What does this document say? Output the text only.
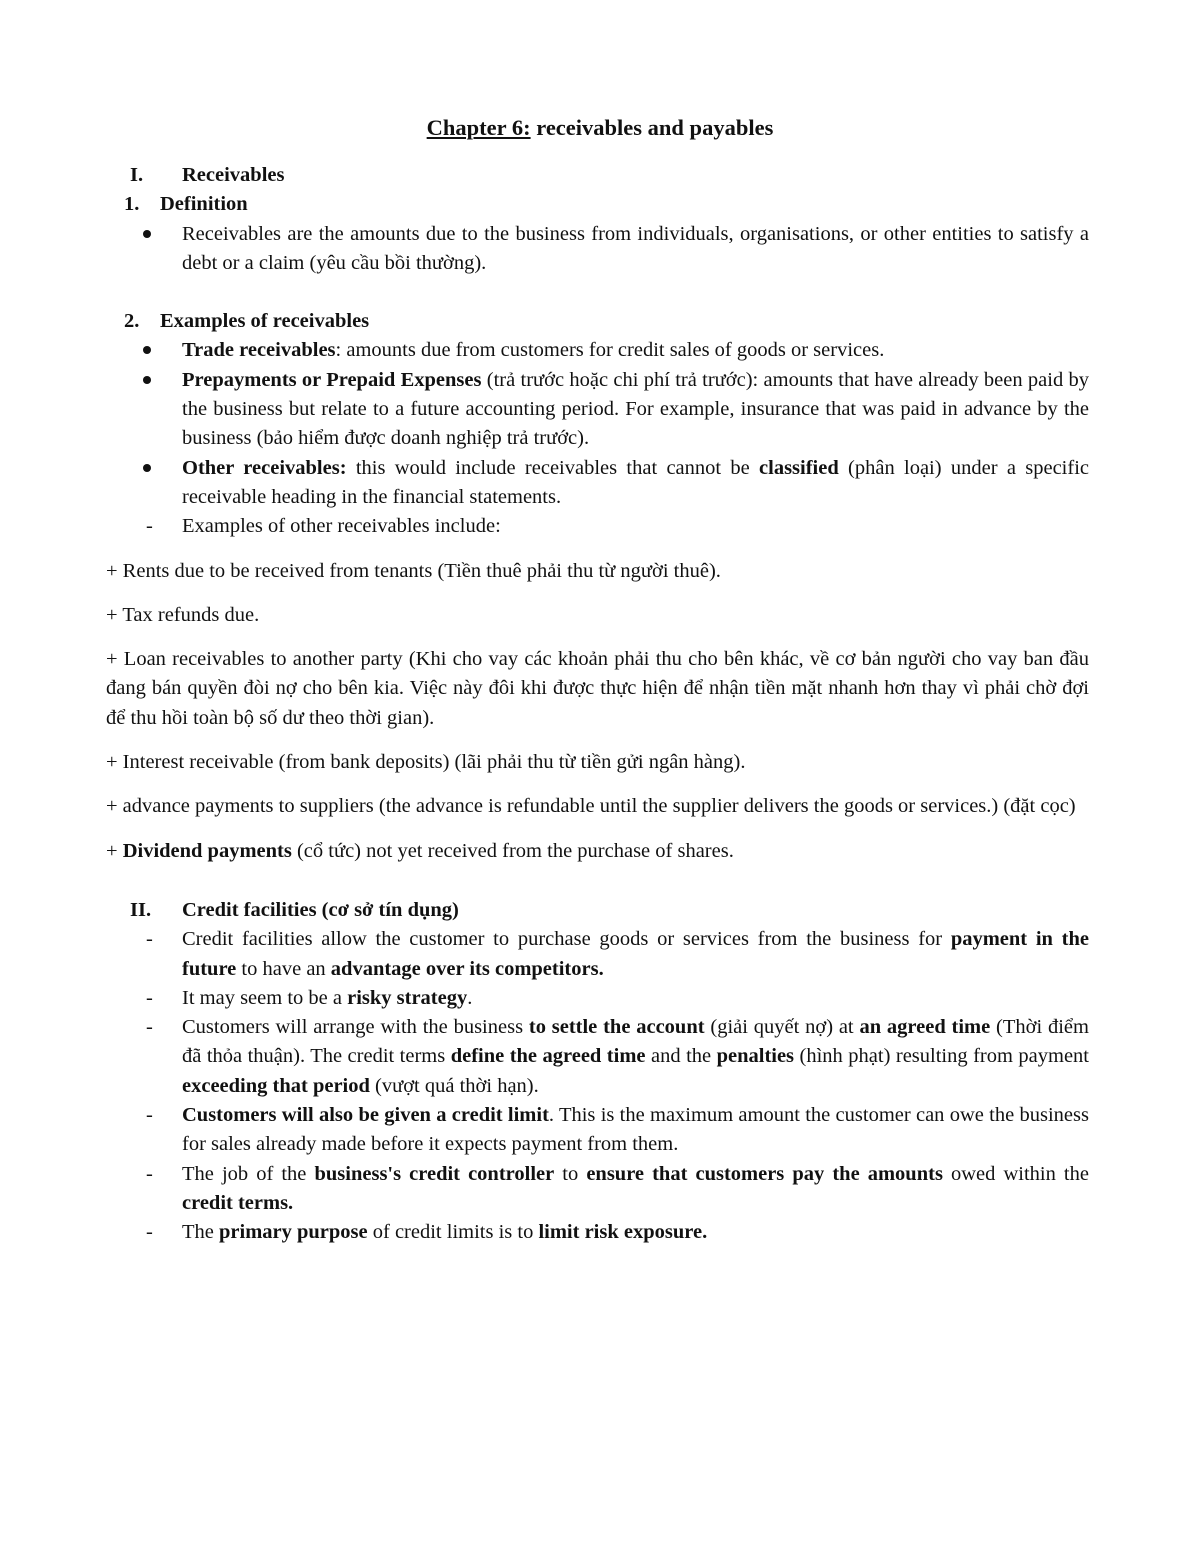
Chapter 6: receivables and payables
I. Receivables
1. Definition
Receivables are the amounts due to the business from individuals, organisations, or other entities to satisfy a debt or a claim (yêu cầu bồi thường).
2. Examples of receivables
Trade receivables: amounts due from customers for credit sales of goods or services.
Prepayments or Prepaid Expenses (trả trước hoặc chi phí trả trước): amounts that have already been paid by the business but relate to a future accounting period. For example, insurance that was paid in advance by the business (bảo hiểm được doanh nghiệp trả trước).
Other receivables: this would include receivables that cannot be classified (phân loại) under a specific receivable heading in the financial statements.
- Examples of other receivables include:
+ Rents due to be received from tenants (Tiền thuê phải thu từ người thuê).
+ Tax refunds due.
+ Loan receivables to another party (Khi cho vay các khoản phải thu cho bên khác, về cơ bản người cho vay ban đầu đang bán quyền đòi nợ cho bên kia. Việc này đôi khi được thực hiện để nhận tiền mặt nhanh hơn thay vì phải chờ đợi để thu hồi toàn bộ số dư theo thời gian).
+ Interest receivable (from bank deposits) (lãi phải thu từ tiền gửi ngân hàng).
+ advance payments to suppliers (the advance is refundable until the supplier delivers the goods or services.) (đặt cọc)
+ Dividend payments (cổ tức) not yet received from the purchase of shares.
II. Credit facilities (cơ sở tín dụng)
- Credit facilities allow the customer to purchase goods or services from the business for payment in the future to have an advantage over its competitors.
- It may seem to be a risky strategy.
- Customers will arrange with the business to settle the account (giải quyết nợ) at an agreed time (Thời điểm đã thỏa thuận). The credit terms define the agreed time and the penalties (hình phạt) resulting from payment exceeding that period (vượt quá thời hạn).
- Customers will also be given a credit limit. This is the maximum amount the customer can owe the business for sales already made before it expects payment from them.
- The job of the business's credit controller to ensure that customers pay the amounts owed within the credit terms.
- The primary purpose of credit limits is to limit risk exposure.
